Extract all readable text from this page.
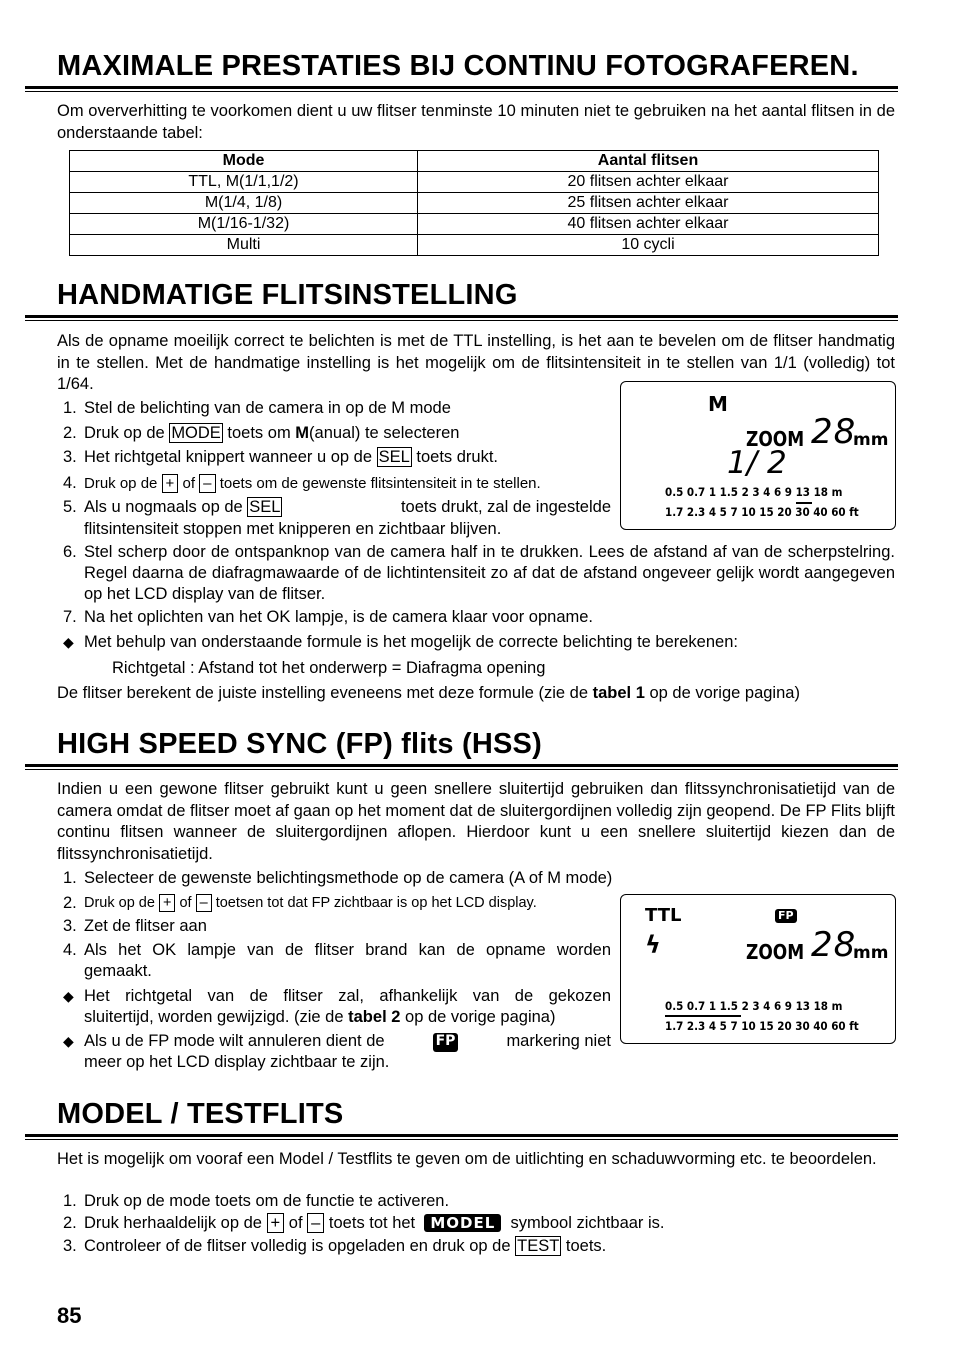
MAXIMALE PRESTATIES BIJ CONTINU FOTOGRAFEREN.

Om oververhitting te voorkomen dient u uw flitser tenminste 10 minuten niet te gebruiken na het aantal flitsen in de onderstaande tabel:

Mode	Aantal flitsen
TTL, M(1/1,1/2)	20 flitsen achter elkaar
M(1/4, 1/8)	25 flitsen achter elkaar
M(1/16-1/32)	40 flitsen achter elkaar
Multi	10 cycli
HANDMATIGE FLITSINSTELLING

Als de opname moeilijk correct te belichten is met de TTL instelling, is het aan te bevelen om de flitser handmatig in te stellen. Met de handmatige instelling is het mogelijk om de flitsintensiteit in te stellen van 1/1 (volledig) tot 1/64.

1. Stel de belichting van de camera in op de M mode
2. Druk op de MODE toets om M(anual) te selecteren
3. Het richtgetal knippert wanneer u op de SEL toets drukt.
4. Druk op de + of – toets om de gewenste flitsintensiteit in te stellen.
5. Als u nogmaals op de SEL	toets drukt, zal de ingestelde
flitsintensiteit stoppen met knipperen en zichtbaar blijven.
6. Stel scherp door de ontspanknop van de camera half in te drukken. Lees de afstand af van de scherpstelring. Regel daarna de diafragmawaarde of de lichtintensiteit zo af dat de afstand ongeveer gelijk wordt aangegeven op het LCD display van de flitser.
7. Na het oplichten van het OK lampje, is de camera klaar voor opname.
◆ Met behulp van onderstaande formule is het mogelijk de correcte belichting te berekenen:
Richtgetal : Afstand tot het onderwerp = Diafragma opening
De flitser berekent de juiste instelling eveneens met deze formule (zie de tabel 1 op de vorige pagina)
M
ZOOM 28
mm
1/ 2
0.5 0.7 1 1.5 2 3 4 6 9 13 18 m
1.7 2.3 4 5 7 10 15 20 30 40 60 ft
HIGH SPEED SYNC (FP) flits (HSS)

Indien u een gewone flitser gebruikt kunt u geen snellere sluitertijd gebruiken dan flitssynchronisatietijd van de camera omdat de flitser moet af gaan op het moment dat de sluitergordijnen volledig zijn geopend. De FP Flits blijft continu flitsen wanneer de sluitergordijnen aflopen. Hierdoor kunt u een snellere sluitertijd kiezen dan de flitssynchronisatietijd.

1. Selecteer de gewenste belichtingsmethode op de camera (A of M mode)
2. Druk op de + of – toetsen tot dat FP zichtbaar is op het LCD display.
3. Zet de flitser aan
4. Als het OK lampje van de flitser brand kan de opname worden
gemaakt.
◆ Het richtgetal van de flitser zal, afhankelijk van de gekozen
sluitertijd, worden gewijzigd. (zie de tabel 2 op de vorige pagina)
◆ Als u de FP mode wilt annuleren dient de	FP	markering niet
meer op het LCD display zichtbaar te zijn.
TTL	FP
ϟ	ZOOM 28
mm
0.5 0.7 1 1.5 2 3 4 6 9 13 18 m
1.7 2.3 4 5 7 10 15 20 30 40 60 ft
MODEL / TESTFLITS

Het is mogelijk om vooraf een Model / Testflits te geven om de uitlichting en schaduwvorming etc. te beoordelen.

1. Druk op de mode toets om de functie te activeren.
2. Druk herhaaldelijk op de + of – toets tot het MODEL symbool zichtbaar is.
3. Controleer of de flitser volledig is opgeladen en druk op de TEST toets.
85
